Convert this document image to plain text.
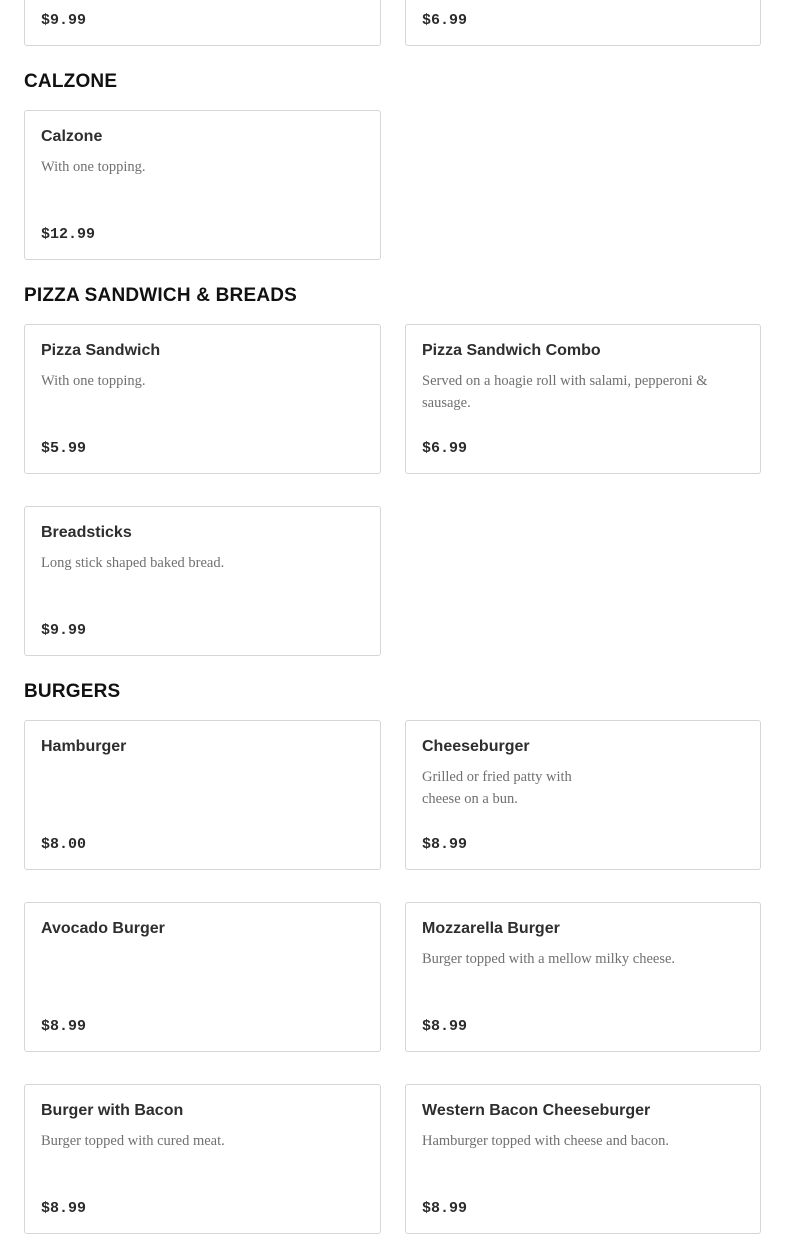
$9.99	$6.99
CALZONE
Calzone
With one topping.
$12.99
PIZZA SANDWICH & BREADS
Pizza Sandwich
With one topping.
$5.99
Pizza Sandwich Combo
Served on a hoagie roll with salami, pepperoni & sausage.
$6.99
Breadsticks
Long stick shaped baked bread.
$9.99
BURGERS
Hamburger
$8.00
Cheeseburger
Grilled or fried patty with cheese on a bun.
$8.99
Avocado Burger
$8.99
Mozzarella Burger
Burger topped with a mellow milky cheese.
$8.99
Burger with Bacon
Burger topped with cured meat.
$8.99
Western Bacon Cheeseburger
Hamburger topped with cheese and bacon.
$8.99
